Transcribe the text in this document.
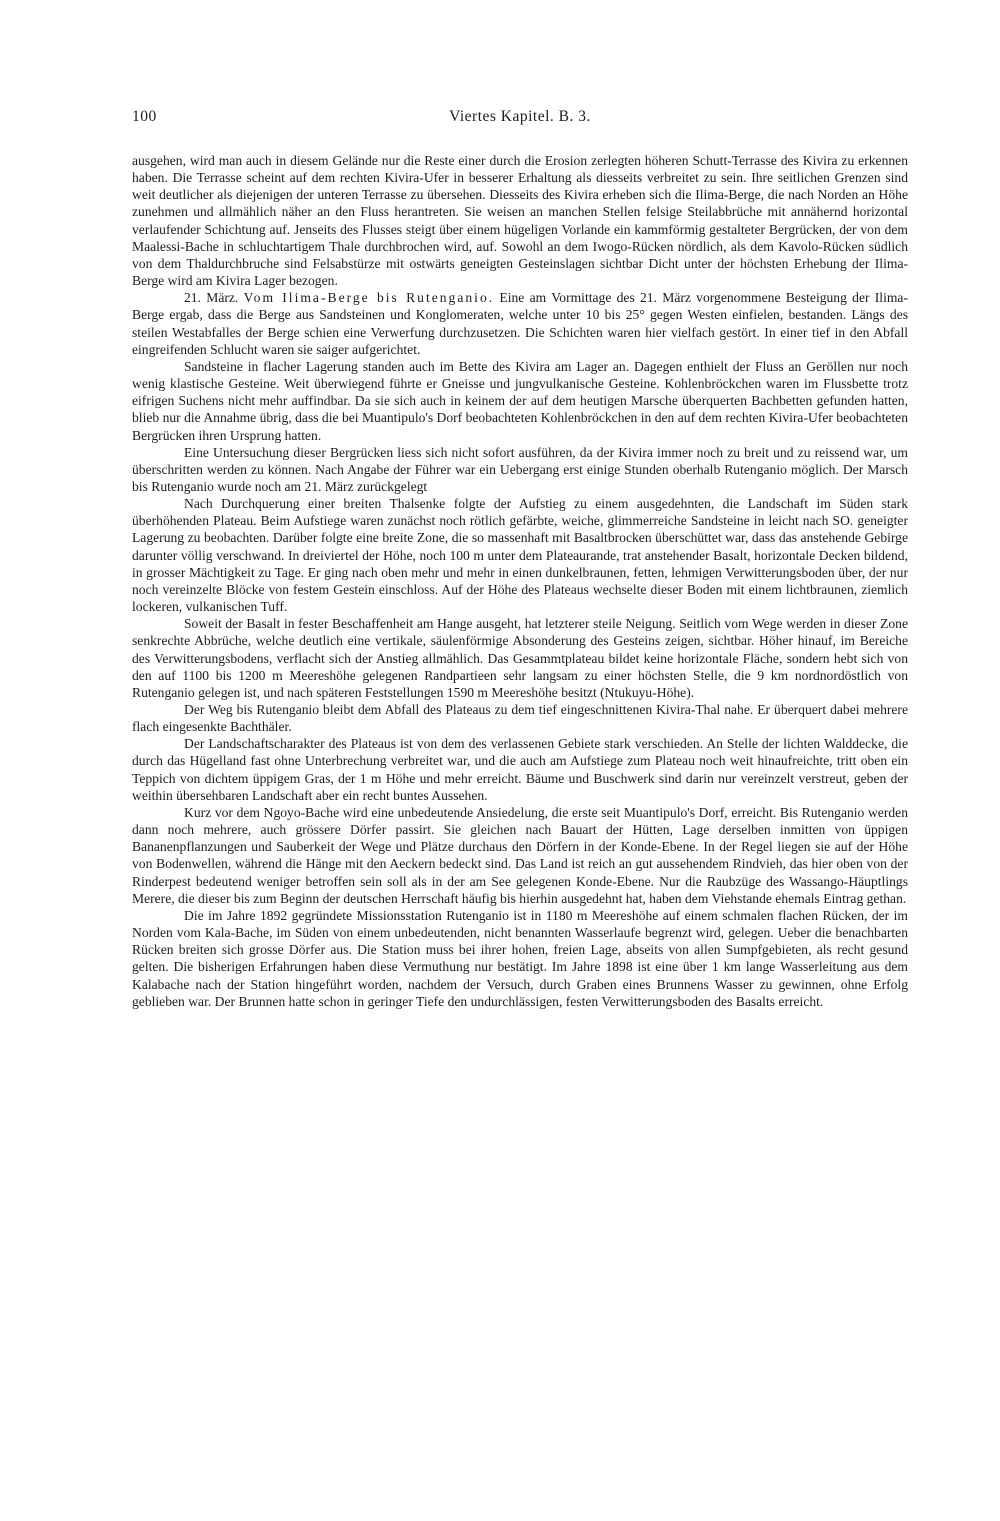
100	Viertes Kapitel. B. 3.

ausgehen, wird man auch in diesem Gelände nur die Reste einer durch die Erosion zerlegten höheren Schutt-Terrasse des Kivira zu erkennen haben. Die Terrasse scheint auf dem rechten Kivira-Ufer in besserer Erhaltung als diesseits verbreitet zu sein. Ihre seitlichen Grenzen sind weit deutlicher als diejenigen der unteren Terrasse zu übersehen. Diesseits des Kivira erheben sich die Ilima-Berge, die nach Norden an Höhe zunehmen und allmählich näher an den Fluss herantreten. Sie weisen an manchen Stellen felsige Steilabbrüche mit annähernd horizontal verlaufender Schichtung auf. Jenseits des Flusses steigt über einem hügeligen Vorlande ein kammförmig gestalteter Bergrücken, der von dem Maalessi-Bache in schluchtartigem Thale durchbrochen wird, auf. Sowohl an dem Iwogo-Rücken nördlich, als dem Kavolo-Rücken südlich von dem Thaldurchbruche sind Felsabstürze mit ostwärts geneigten Gesteinslagen sichtbar Dicht unter der höchsten Erhebung der Ilima-Berge wird am Kivira Lager bezogen.

21. März. Vom Ilima-Berge bis Rutenganio. Eine am Vormittage des 21. März vorgenommene Besteigung der Ilima-Berge ergab, dass die Berge aus Sandsteinen und Konglomeraten, welche unter 10 bis 25° gegen Westen einfielen, bestanden. Längs des steilen Westabfalles der Berge schien eine Verwerfung durchzusetzen. Die Schichten waren hier vielfach gestört. In einer tief in den Abfall eingreifenden Schlucht waren sie saiger aufgerichtet.

Sandsteine in flacher Lagerung standen auch im Bette des Kivira am Lager an. Dagegen enthielt der Fluss an Geröllen nur noch wenig klastische Gesteine. Weit überwiegend führte er Gneisse und jungvulkanische Gesteine. Kohlenbröckchen waren im Flussbette trotz eifrigen Suchens nicht mehr auffindbar. Da sie sich auch in keinem der auf dem heutigen Marsche überquerten Bachbetten gefunden hatten, blieb nur die Annahme übrig, dass die bei Muantipulo's Dorf beobachteten Kohlenbröckchen in den auf dem rechten Kivira-Ufer beobachteten Bergrücken ihren Ursprung hatten.

Eine Untersuchung dieser Bergrücken liess sich nicht sofort ausführen, da der Kivira immer noch zu breit und zu reissend war, um überschritten werden zu können. Nach Angabe der Führer war ein Uebergang erst einige Stunden oberhalb Rutenganio möglich. Der Marsch bis Rutenganio wurde noch am 21. März zurückgelegt

Nach Durchquerung einer breiten Thalsenke folgte der Aufstieg zu einem ausgedehnten, die Landschaft im Süden stark überhöhenden Plateau. Beim Aufstiege waren zunächst noch rötlich gefärbte, weiche, glimmerreiche Sandsteine in leicht nach SO. geneigter Lagerung zu beobachten. Darüber folgte eine breite Zone, die so massenhaft mit Basaltbrocken überschüttet war, dass das anstehende Gebirge darunter völlig verschwand. In dreiviertel der Höhe, noch 100 m unter dem Plateaurande, trat anstehender Basalt, horizontale Decken bildend, in grosser Mächtigkeit zu Tage. Er ging nach oben mehr und mehr in einen dunkelbraunen, fetten, lehmigen Verwitterungsboden über, der nur noch vereinzelte Blöcke von festem Gestein einschloss. Auf der Höhe des Plateaus wechselte dieser Boden mit einem lichtbraunen, ziemlich lockeren, vulkanischen Tuff.

Soweit der Basalt in fester Beschaffenheit am Hange ausgeht, hat letzterer steile Neigung. Seitlich vom Wege werden in dieser Zone senkrechte Abbrüche, welche deutlich eine vertikale, säulenförmige Absonderung des Gesteins zeigen, sichtbar. Höher hinauf, im Bereiche des Verwitterungsbodens, verflacht sich der Anstieg allmählich. Das Gesammtplateau bildet keine horizontale Fläche, sondern hebt sich von den auf 1100 bis 1200 m Meereshöhe gelegenen Randpartieen sehr langsam zu einer höchsten Stelle, die 9 km nordnordöstlich von Rutenganio gelegen ist, und nach späteren Feststellungen 1590 m Meereshöhe besitzt (Ntukuyu-Höhe).

Der Weg bis Rutenganio bleibt dem Abfall des Plateaus zu dem tief eingeschnittenen Kivira-Thal nahe. Er überquert dabei mehrere flach eingesenkte Bachthäler.

Der Landschaftscharakter des Plateaus ist von dem des verlassenen Gebiete stark verschieden. An Stelle der lichten Walddecke, die durch das Hügelland fast ohne Unterbrechung verbreitet war, und die auch am Aufstiege zum Plateau noch weit hinaufreichte, tritt oben ein Teppich von dichtem üppigem Gras, der 1 m Höhe und mehr erreicht. Bäume und Buschwerk sind darin nur vereinzelt verstreut, geben der weithin übersehbaren Landschaft aber ein recht buntes Aussehen.

Kurz vor dem Ngoyo-Bache wird eine unbedeutende Ansiedelung, die erste seit Muantipulo's Dorf, erreicht. Bis Rutenganio werden dann noch mehrere, auch grössere Dörfer passirt. Sie gleichen nach Bauart der Hütten, Lage derselben inmitten von üppigen Bananenpflanzungen und Sauberkeit der Wege und Plätze durchaus den Dörfern in der Konde-Ebene. In der Regel liegen sie auf der Höhe von Bodenwellen, während die Hänge mit den Aeckern bedeckt sind. Das Land ist reich an gut aussehendem Rindvieh, das hier oben von der Rinderpest bedeutend weniger betroffen sein soll als in der am See gelegenen Konde-Ebene. Nur die Raubzüge des Wassango-Häuptlings Merere, die dieser bis zum Beginn der deutschen Herrschaft häufig bis hierhin ausgedehnt hat, haben dem Viehstande ehemals Eintrag gethan.

Die im Jahre 1892 gegründete Missionsstation Rutenganio ist in 1180 m Meereshöhe auf einem schmalen flachen Rücken, der im Norden vom Kala-Bache, im Süden von einem unbedeutenden, nicht benannten Wasserlaufe begrenzt wird, gelegen. Ueber die benachbarten Rücken breiten sich grosse Dörfer aus. Die Station muss bei ihrer hohen, freien Lage, abseits von allen Sumpfgebieten, als recht gesund gelten. Die bisherigen Erfahrungen haben diese Vermuthung nur bestätigt. Im Jahre 1898 ist eine über 1 km lange Wasserleitung aus dem Kalabache nach der Station hingeführt worden, nachdem der Versuch, durch Graben eines Brunnens Wasser zu gewinnen, ohne Erfolg geblieben war. Der Brunnen hatte schon in geringer Tiefe den undurchlässigen, festen Verwitterungsboden des Basalts erreicht.
